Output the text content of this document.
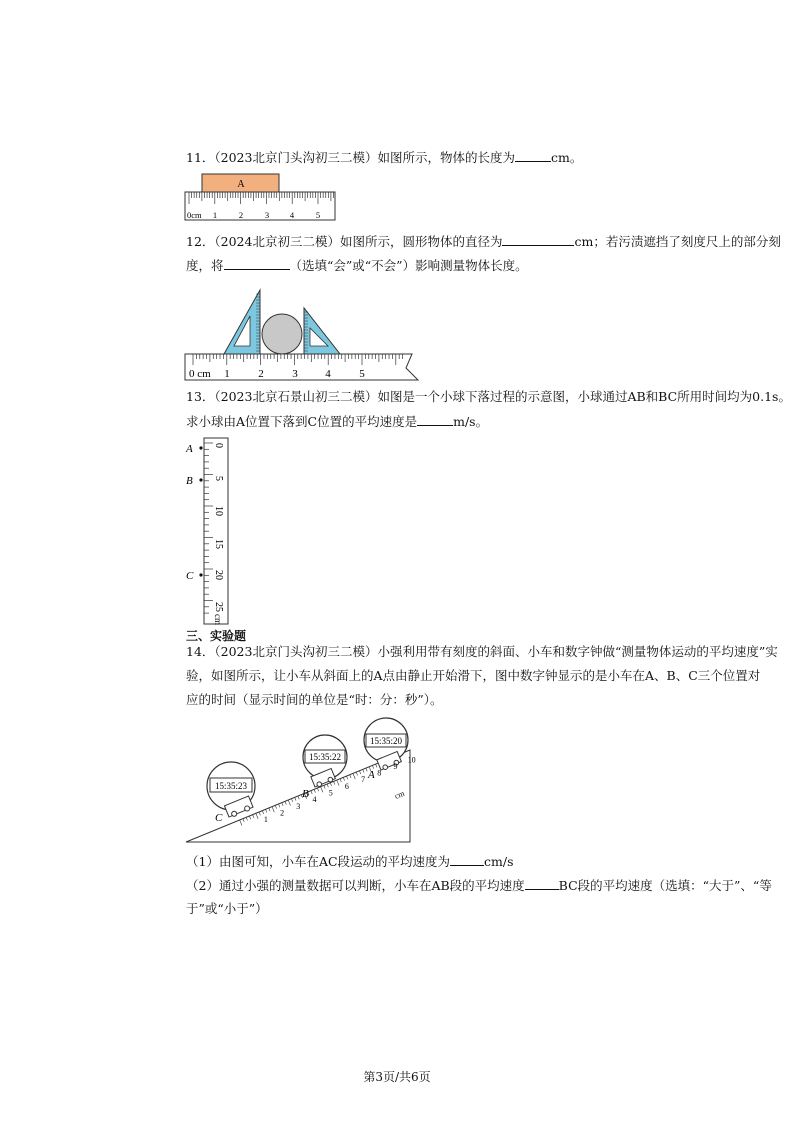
11．（2023北京门头沟初三二模）如图所示，物体的长度为	cm。
A
0cm 1	2	3 4	5
12．（2024北京初三二模）如图所示，圆形物体的直径为	cm；若污渍遮挡了刻度尺上的部分刻
度，将	（选填“会”或“不会”）影响测量物体长度。
0 cm 1	2	3	4	5
13．（2023北京石景山初三二模）如图是一个小球下落过程的示意图，小球通过AB和BC所用时间均为0.1s。
求小球由A位置下落到C位置的平均速度是	m/s。
A
B
C
0
5
10
15
20
25
cm
三、实验题
14．（2023北京门头沟初三二模）小强利用带有刻度的斜面、小车和数字钟做“测量物体运动的平均速度”实
验，如图所示，让小车从斜面上的A点由静止开始滑下，图中数字钟显示的是小车在A、B、C三个位置对
应的时间（显示时间的单位是“时：分：秒”）。
15:35:23
15:35:22
15:35:20
A
B
C	1
2
3
4
5
6
7
8
9
10
cm
（1）由图可知，小车在AC段运动的平均速度为	cm/s
（2）通过小强的测量数据可以判断，小车在AB段的平均速度	BC段的平均速度（选填：“大于”、“等
于”或“小于”）
第3页/共6页
